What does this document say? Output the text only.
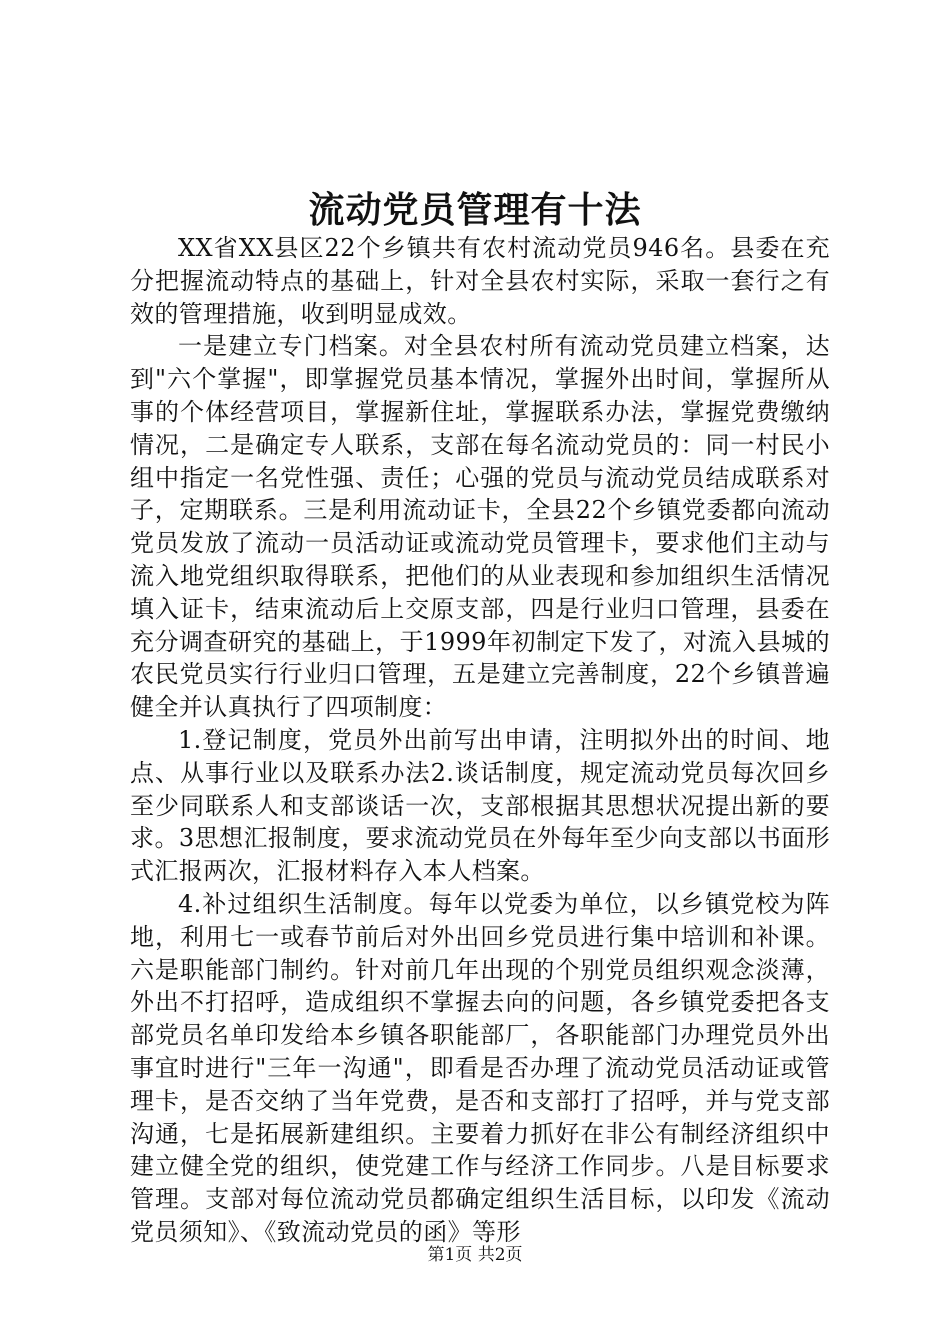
流动党员管理有十法

XX省XX县区22个乡镇共有农村流动党员946名。县委在充分把握流动特点的基础上，针对全县农村实际，采取一套行之有效的管理措施，收到明显成效。

一是建立专门档案。对全县农村所有流动党员建立档案，达到"六个掌握"，即掌握党员基本情况，掌握外出时间，掌握所从事的个体经营项目，掌握新住址，掌握联系办法，掌握党费缴纳情况，二是确定专人联系，支部在每名流动党员的：同一村民小组中指定一名党性强、责任；心强的党员与流动党员结成联系对子，定期联系。三是利用流动证卡，全县22个乡镇党委都向流动党员发放了流动一员活动证或流动党员管理卡，要求他们主动与流入地党组织取得联系，把他们的从业表现和参加组织生活情况填入证卡，结束流动后上交原支部，四是行业归口管理，县委在充分调查研究的基础上，于1999年初制定下发了，对流入县城的农民党员实行行业归口管理，五是建立完善制度，22个乡镇普遍健全并认真执行了四项制度：

1.登记制度，党员外出前写出申请，注明拟外出的时间、地点、从事行业以及联系办法2.谈话制度，规定流动党员每次回乡至少同联系人和支部谈话一次，支部根据其思想状况提出新的要求。3思想汇报制度，要求流动党员在外每年至少向支部以书面形式汇报两次，汇报材料存入本人档案。

4.补过组织生活制度。每年以党委为单位，以乡镇党校为阵地，利用七一或春节前后对外出回乡党员进行集中培训和补课。六是职能部门制约。针对前几年出现的个别党员组织观念淡薄，外出不打招呼，造成组织不掌握去向的问题，各乡镇党委把各支部党员名单印发给本乡镇各职能部厂，各职能部门办理党员外出事宜时进行"三年一沟通"，即看是否办理了流动党员活动证或管理卡，是否交纳了当年党费，是否和支部打了招呼，并与党支部沟通，七是拓展新建组织。主要着力抓好在非公有制经济组织中建立健全党的组织，使党建工作与经济工作同步。八是目标要求管理。支部对每位流动党员都确定组织生活目标，以印发《流动党员须知》、《致流动党员的函》等形

第1页 共2页
